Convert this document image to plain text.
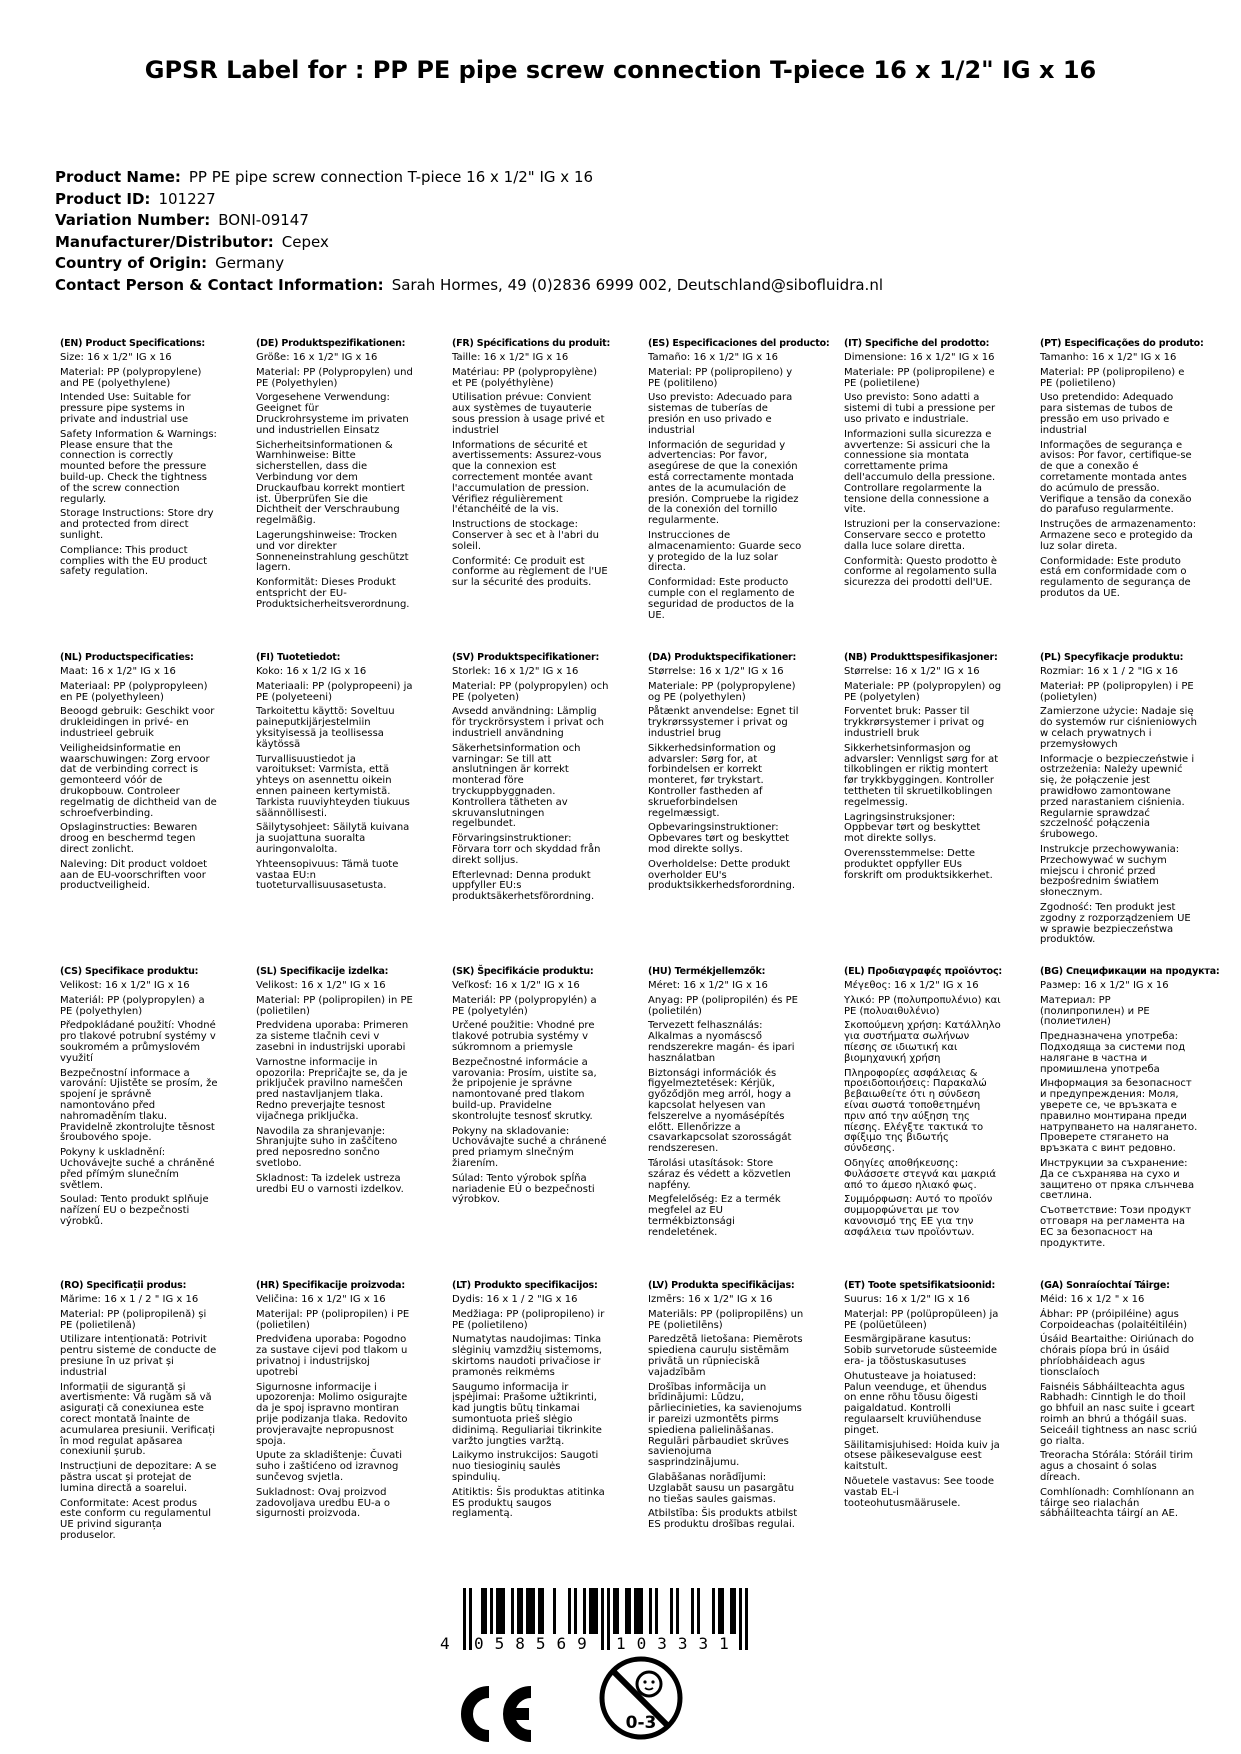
GPSR Label for : PP PE pipe screw connection T-piece 16 x 1/2" IG x 16
Product Name: PP PE pipe screw connection T-piece 16 x 1/2" IG x 16
Product ID: 101227
Variation Number: BONI-09147
Manufacturer/Distributor: Cepex
Country of Origin: Germany
Contact Person & Contact Information: Sarah Hormes, 49 (0)2836 6999 002, Deutschland@sibofluidra.nl
(EN) Product Specifications:

Size: 16 x 1/2" IG x 16

Material: PP (polypropylene) and PE (polyethylene)

Intended Use: Suitable for pressure pipe systems in private and industrial use

Safety Information & Warnings: Please ensure that the connection is correctly mounted before the pressure build-up. Check the tightness of the screw connection regularly.

Storage Instructions: Store dry and protected from direct sunlight.

Compliance: This product complies with the EU product safety regulation.

(DE) Produktspezifikationen:

Größe: 16 x 1/2" IG x 16

Material: PP (Polypropylen) und PE (Polyethylen)

Vorgesehene Verwendung: Geeignet für Druckrohrsysteme im privaten und industriellen Einsatz

Sicherheitsinformationen & Warnhinweise: Bitte sicherstellen, dass die Verbindung vor dem Druckaufbau korrekt montiert ist. Überprüfen Sie die Dichtheit der Verschraubung regelmäßig.

Lagerungshinweise: Trocken und vor direkter Sonneneinstrahlung geschützt lagern.

Konformität: Dieses Produkt entspricht der EU-Produktsicherheitsverordnung.

(FR) Spécifications du produit:

Taille: 16 x 1/2" IG x 16

Matériau: PP (polypropylène) et PE (polyéthylène)

Utilisation prévue: Convient aux systèmes de tuyauterie sous pression à usage privé et industriel

Informations de sécurité et avertissements: Assurez-vous que la connexion est correctement montée avant l'accumulation de pression. Vérifiez régulièrement l'étanchéité de la vis.

Instructions de stockage: Conserver à sec et à l'abri du soleil.

Conformité: Ce produit est conforme au règlement de l'UE sur la sécurité des produits.

(ES) Especificaciones del producto:

Tamaño: 16 x 1/2" IG x 16

Material: PP (polipropileno) y PE (politileno)

Uso previsto: Adecuado para sistemas de tuberías de presión en uso privado e industrial

Información de seguridad y advertencias: Por favor, asegúrese de que la conexión está correctamente montada antes de la acumulación de presión. Compruebe la rigidez de la conexión del tornillo regularmente.

Instrucciones de almacenamiento: Guarde seco y protegido de la luz solar directa.

Conformidad: Este producto cumple con el reglamento de seguridad de productos de la UE.

(IT) Specifiche del prodotto:

Dimensione: 16 x 1/2" IG x 16

Materiale: PP (polipropilene) e PE (polietilene)

Uso previsto: Sono adatti a sistemi di tubi a pressione per uso privato e industriale.

Informazioni sulla sicurezza e avvertenze: Si assicuri che la connessione sia montata correttamente prima dell'accumulo della pressione. Controllare regolarmente la tensione della connessione a vite.

Istruzioni per la conservazione: Conservare secco e protetto dalla luce solare diretta.

Conformità: Questo prodotto è conforme al regolamento sulla sicurezza dei prodotti dell'UE.

(PT) Especificações do produto:

Tamanho: 16 x 1/2" IG x 16

Material: PP (polipropileno) e PE (polietileno)

Uso pretendido: Adequado para sistemas de tubos de pressão em uso privado e industrial

Informações de segurança e avisos: Por favor, certifique-se de que a conexão é corretamente montada antes do acúmulo de pressão. Verifique a tensão da conexão do parafuso regularmente.

Instruções de armazenamento: Armazene seco e protegido da luz solar direta.

Conformidade: Este produto está em conformidade com o regulamento de segurança de produtos da UE.

(NL) Productspecificaties:

Maat: 16 x 1/2" IG x 16

Materiaal: PP (polypropyleen) en PE (polyethyleen)

Beoogd gebruik: Geschikt voor drukleidingen in privé- en industrieel gebruik

Veiligheidsinformatie en waarschuwingen: Zorg ervoor dat de verbinding correct is gemonteerd vóór de drukopbouw. Controleer regelmatig de dichtheid van de schroefverbinding.

Opslaginstructies: Bewaren droog en beschermd tegen direct zonlicht.

Naleving: Dit product voldoet aan de EU-voorschriften voor productveiligheid.

(FI) Tuotetiedot:

Koko: 16 x 1/2 IG x 16

Materiaali: PP (polypropeeni) ja PE (polyeteeni)

Tarkoitettu käyttö: Soveltuu paineputkijärjestelmiin yksityisessä ja teollisessa käytössä

Turvallisuustiedot ja varoitukset: Varmista, että yhteys on asennettu oikein ennen paineen kertymistä. Tarkista ruuviyhteyden tiukuus säännöllisesti.

Säilytysohjeet: Säilytä kuivana ja suojattuna suoralta auringonvalolta.

Yhteensopivuus: Tämä tuote vastaa EU:n tuoteturvallisuusasetusta.

(SV) Produktspecifikationer:

Storlek: 16 x 1/2" IG x 16

Material: PP (polypropylen) och PE (polyeten)

Avsedd användning: Lämplig för tryckrörsystem i privat och industriell användning

Säkerhetsinformation och varningar: Se till att anslutningen är korrekt monterad före tryckuppbyggnaden. Kontrollera tätheten av skruvanslutningen regelbundet.

Förvaringsinstruktioner: Förvara torr och skyddad från direkt solljus.

Efterlevnad: Denna produkt uppfyller EU:s produktsäkerhetsförordning.

(DA) Produktspecifikationer:

Størrelse: 16 x 1/2" IG x 16

Materiale: PP (polypropylene) og PE (polyethylen)

Påtænkt anvendelse: Egnet til trykrørssystemer i privat og industriel brug

Sikkerhedsinformation og advarsler: Sørg for, at forbindelsen er korrekt monteret, før trykstart. Kontroller fastheden af skrueforbindelsen regelmæssigt.

Opbevaringsinstruktioner: Opbevares tørt og beskyttet mod direkte sollys.

Overholdelse: Dette produkt overholder EU's produktsikkerhedsforordning.

(NB) Produkttspesifikasjoner:

Størrelse: 16 x 1/2" IG x 16

Materiale: PP (polypropylen) og PE (polyetylen)

Forventet bruk: Passer til trykkrørsystemer i privat og industriell bruk

Sikkerhetsinformasjon og advarsler: Vennligst sørg for at tilkoblingen er riktig montert før trykkbyggingen. Kontroller tettheten til skruetilkoblingen regelmessig.

Lagringsinstruksjoner: Oppbevar tørt og beskyttet mot direkte sollys.

Overensstemmelse: Dette produktet oppfyller EUs forskrift om produktsikkerhet.

(PL) Specyfikacje produktu:

Rozmiar: 16 x 1 / 2 "IG x 16

Materiał: PP (polipropylen) i PE (polietylen)

Zamierzone użycie: Nadaje się do systemów rur ciśnieniowych w celach prywatnych i przemysłowych

Informacje o bezpieczeństwie i ostrzeżenia: Należy upewnić się, że połączenie jest prawidłowo zamontowane przed narastaniem ciśnienia. Regularnie sprawdzać szczelność połączenia śrubowego.

Instrukcje przechowywania: Przechowywać w suchym miejscu i chronić przed bezpośrednim światłem słonecznym.

Zgodność: Ten produkt jest zgodny z rozporządzeniem UE w sprawie bezpieczeństwa produktów.

(CS) Specifikace produktu:

Velikost: 16 x 1/2" IG x 16

Materiál: PP (polypropylen) a PE (polyethylen)

Předpokládané použití: Vhodné pro tlakové potrubní systémy v soukromém a průmyslovém využití

Bezpečnostní informace a varování: Ujistěte se prosím, že spojení je správně namontováno před nahromaděním tlaku. Pravidelně zkontrolujte těsnost šroubového spoje.

Pokyny k uskladnění: Uchovávejte suché a chráněné před přímým slunečním světlem.

Soulad: Tento produkt splňuje nařízení EU o bezpečnosti výrobků.

(SL) Specifikacije izdelka:

Velikost: 16 x 1/2" IG x 16

Material: PP (polipropilen) in PE (polietilen)

Predvidena uporaba: Primeren za sisteme tlačnih cevi v zasebni in industrijski uporabi

Varnostne informacije in opozorila: Prepričajte se, da je priključek pravilno nameščen pred nastavljanjem tlaka. Redno preverjajte tesnost vijačnega priključka.

Navodila za shranjevanje: Shranjujte suho in zaščiteno pred neposredno sončno svetlobo.

Skladnost: Ta izdelek ustreza uredbi EU o varnosti izdelkov.

(SK) Špecifikácie produktu:

Veľkosť: 16 x 1/2" IG x 16

Materiál: PP (polypropylén) a PE (polyetylén)

Určené použitie: Vhodné pre tlakové potrubia systémy v súkromnom a priemysle

Bezpečnostné informácie a varovania: Prosím, uistite sa, že pripojenie je správne namontované pred tlakom build-up. Pravidelne skontrolujte tesnosť skrutky.

Pokyny na skladovanie: Uchovávajte suché a chránené pred priamym slnečným žiarením.

Súlad: Tento výrobok spĺňa nariadenie EÚ o bezpečnosti výrobkov.

(HU) Termékjellemzők:

Méret: 16 x 1/2" IG x 16

Anyag: PP (polipropilén) és PE (polietilén)

Tervezett felhasználás: Alkalmas a nyomáscső rendszerekre magán- és ipari használatban

Biztonsági információk és figyelmeztetések: Kérjük, győződjön meg arról, hogy a kapcsolat helyesen van felszerelve a nyomásépítés előtt. Ellenőrizze a csavarkapcsolat szorosságát rendszeresen.

Tárolási utasítások: Store száraz és védett a közvetlen napfény.

Megfelelőség: Ez a termék megfelel az EU termékbiztonsági rendeletének.

(EL) Προδιαγραφές προϊόντος:

Μέγεθος: 16 x 1/2" IG x 16

Υλικό: PP (πολυπροπυλένιο) και PE (πολυαιθυλένιο)

Σκοπούμενη χρήση: Κατάλληλο για συστήματα σωλήνων πίεσης σε ιδιωτική και βιομηχανική χρήση

Πληροφορίες ασφάλειας & προειδοποιήσεις: Παρακαλώ βεβαιωθείτε ότι η σύνδεση είναι σωστά τοποθετημένη πριν από την αύξηση της πίεσης. Ελέγξτε τακτικά το σφίξιμο της βιδωτής σύνδεσης.

Οδηγίες αποθήκευσης: Φυλάσσετε στεγνά και μακριά από το άμεσο ηλιακό φως.

Συμμόρφωση: Αυτό το προϊόν συμμορφώνεται με τον κανονισμό της ΕΕ για την ασφάλεια των προϊόντων.

(BG) Спецификации на продукта:

Размер: 16 x 1/2" IG x 16

Материал: PP (полипропилен) и PE (полиетилен)

Предназначена употреба: Подходяща за системи под налягане в частна и промишлена употреба

Информация за безопасност и предупреждения: Моля, уверете се, че връзката е правилно монтирана преди натрупването на налягането. Проверете стягането на връзката с винт редовно.

Инструкции за съхранение: Да се съхранява на сухо и защитено от пряка слънчева светлина.

Съответствие: Този продукт отговаря на регламента на ЕС за безопасност на продуктите.

(RO) Specificații produs:

Mărime: 16 x 1 / 2 " IG x 16

Material: PP (polipropilenă) și PE (polietilenă)

Utilizare intenționată: Potrivit pentru sisteme de conducte de presiune în uz privat și industrial

Informații de siguranță și avertismente: Vă rugăm să vă asigurați că conexiunea este corect montată înainte de acumularea presiunii. Verificați în mod regulat apăsarea conexiunii șurub.

Instrucțiuni de depozitare: A se păstra uscat și protejat de lumina directă a soarelui.

Conformitate: Acest produs este conform cu regulamentul UE privind siguranța produselor.

(HR) Specifikacije proizvoda:

Veličina: 16 x 1/2" IG x 16

Materijal: PP (polipropilen) i PE (polietilen)

Predviđena uporaba: Pogodno za sustave cijevi pod tlakom u privatnoj i industrijskoj upotrebi

Sigurnosne informacije i upozorenja: Molimo osigurajte da je spoj ispravno montiran prije podizanja tlaka. Redovito provjeravajte nepropusnost spoja.

Upute za skladištenje: Čuvati suho i zaštićeno od izravnog sunčevog svjetla.

Sukladnost: Ovaj proizvod zadovoljava uredbu EU-a o sigurnosti proizvoda.

(LT) Produkto specifikacijos:

Dydis: 16 x 1 / 2 "IG x 16

Medžiaga: PP (polipropileno) ir PE (polietileno)

Numatytas naudojimas: Tinka slėginių vamzdžių sistemoms, skirtoms naudoti privačiose ir pramonės reikmėms

Saugumo informacija ir įspėjimai: Prašome užtikrinti, kad jungtis būtų tinkamai sumontuota prieš slėgio didinimą. Reguliariai tikrinkite varžto jungties varžtą.

Laikymo instrukcijos: Saugoti nuo tiesioginių saulės spindulių.

Atitiktis: Šis produktas atitinka ES produktų saugos reglamentą.

(LV) Produkta specifikācijas:

Izmērs: 16 x 1/2" IG x 16

Materiāls: PP (polipropilēns) un PE (polietilēns)

Paredzētā lietošana: Piemērots spiediena cauruļu sistēmām privātā un rūpnieciskā vajadzībām

Drošības informācija un brīdinājumi: Lūdzu, pārliecinieties, ka savienojums ir pareizi uzmontēts pirms spiediena palielināšanas. Regulāri pārbaudiet skrūves savienojuma sasprindzinājumu.

Glabāšanas norādījumi: Uzglabāt sausu un pasargātu no tiešas saules gaismas.

Atbilstība: Šis produkts atbilst ES produktu drošības regulai.

(ET) Toote spetsifikatsioonid:

Suurus: 16 x 1/2" IG x 16

Materjal: PP (polüpropüleen) ja PE (polüetüleen)

Eesmärgipärane kasutus: Sobib survetorude süsteemide era- ja tööstuskasutuses

Ohutusteave ja hoiatused: Palun veenduge, et ühendus on enne rõhu tõusu õigesti paigaldatud. Kontrolli regulaarselt kruviühenduse pinget.

Säilitamisjuhised: Hoida kuiv ja otsese päikesevalguse eest kaitstult.

Nõuetele vastavus: See toode vastab EL-i tooteohutusmäärusele.

(GA) Sonraíochtaí Táirge:

Méid: 16 x 1/2 " x 16

Ábhar: PP (próipiléine) agus Corpoideachas (polaitéitiléin)

Úsáid Beartaithe: Oiriúnach do chórais píopa brú in úsáid phríobháideach agus tionsclaíoch

Faisnéis Sábháilteachta agus Rabhadh: Cinntigh le do thoil go bhfuil an nasc suite i gceart roimh an bhrú a thógáil suas. Seiceáil tightness an nasc scriú go rialta.

Treoracha Stórála: Stóráil tirim agus a chosaint ó solas díreach.

Comhlíonadh: Comhlíonann an táirge seo rialachán sábháilteachta táirgí an AE.

4 058569 103331
0-3
